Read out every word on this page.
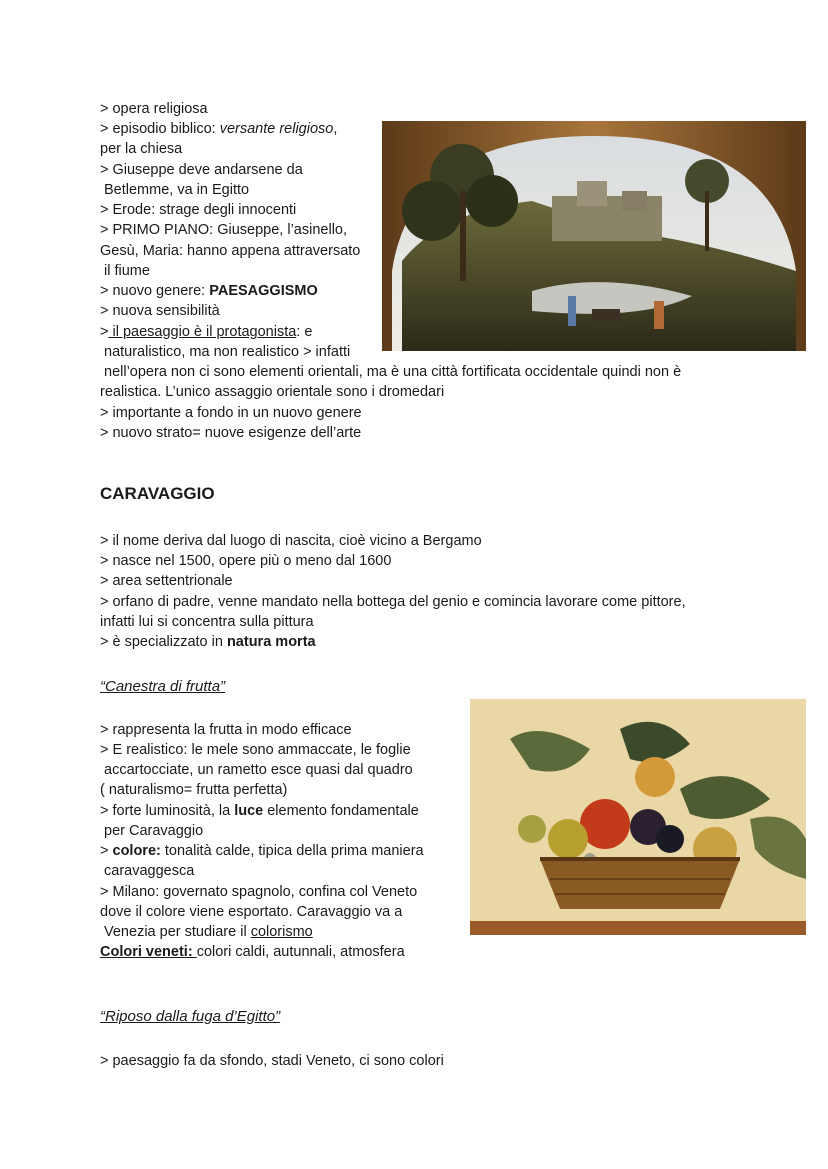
> opera religiosa
> episodio biblico: versante religioso,
per la chiesa
> Giuseppe deve andarsene da
Betlemme, va in Egitto
> Erode: strage degli innocenti
> PRIMO PIANO: Giuseppe, l’asinello,
Gesù, Maria: hanno appena attraversato
il fiume
> nuovo genere: PAESAGGISMO
> nuova sensibilità
> il paesaggio è il protagonista: e
naturalistico, ma non realistico > infatti
nell’opera non ci sono elementi orientali, ma è una città fortificata occidentale quindi non è
realistica. L’unico assaggio orientale sono i dromedari
> importante a fondo in un nuovo genere
> nuovo strato= nuove esigenze dell’arte
CARAVAGGIO
> il nome deriva dal luogo di nascita, cioè vicino a Bergamo
> nasce nel 1500, opere più o meno dal 1600
> area settentrionale
> orfano di padre, venne mandato nella bottega del genio e comincia lavorare come pittore,
infatti lui si concentra sulla pittura
> è specializzato in natura morta
“Canestra di frutta”
> rappresenta la frutta in modo efficace
> E realistico: le mele sono ammaccate, le foglie
accartocciate, un rametto esce quasi dal quadro
( naturalismo= frutta perfetta)
> forte luminosità, la luce elemento fondamentale
per Caravaggio
> colore: tonalità calde, tipica della prima maniera
caravaggesca
> Milano: governato spagnolo, confina col Veneto
dove il colore viene esportato. Caravaggio va a
Venezia per studiare il colorismo
Colori veneti: colori caldi, autunnali, atmosfera
“Riposo dalla fuga d’Egitto”
> paesaggio fa da sfondo, stadi Veneto, ci sono colori
